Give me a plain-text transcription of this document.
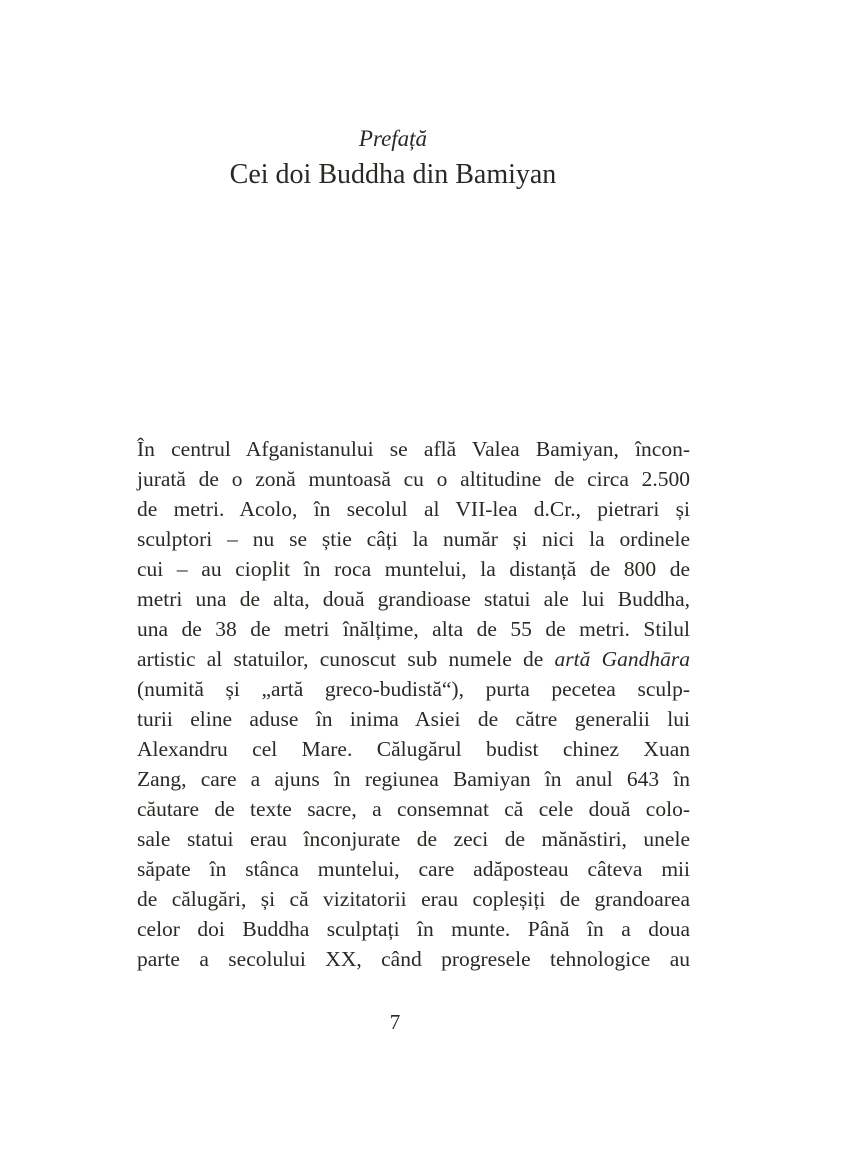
Prefață
Cei doi Buddha din Bamiyan
În centrul Afganistanului se află Valea Bamiyan, încon-
jurată de o zonă muntoasă cu o altitudine de circa 2.500
de metri. Acolo, în secolul al VII-lea d.Cr., pietrari și
sculptori – nu se știe câți la număr și nici la ordinele
cui – au cioplit în roca muntelui, la distanță de 800 de
metri una de alta, două grandioase statui ale lui Buddha,
una de 38 de metri înălțime, alta de 55 de metri. Stilul
artistic al statuilor, cunoscut sub numele de artă Gandhāra
(numită și „artă greco-budistă“), purta pecetea sculp-
turii eline aduse în inima Asiei de către generalii lui
Alexandru cel Mare. Călugărul budist chinez Xuan
Zang, care a ajuns în regiunea Bamiyan în anul 643 în
căutare de texte sacre, a consemnat că cele două colo-
sale statui erau înconjurate de zeci de mănăstiri, unele
săpate în stânca muntelui, care adăposteau câteva mii
de călugări, și că vizitatorii erau copleșiți de grandoarea
celor doi Buddha sculptați în munte. Până în a doua
parte a secolului XX, când progresele tehnologice au
7
